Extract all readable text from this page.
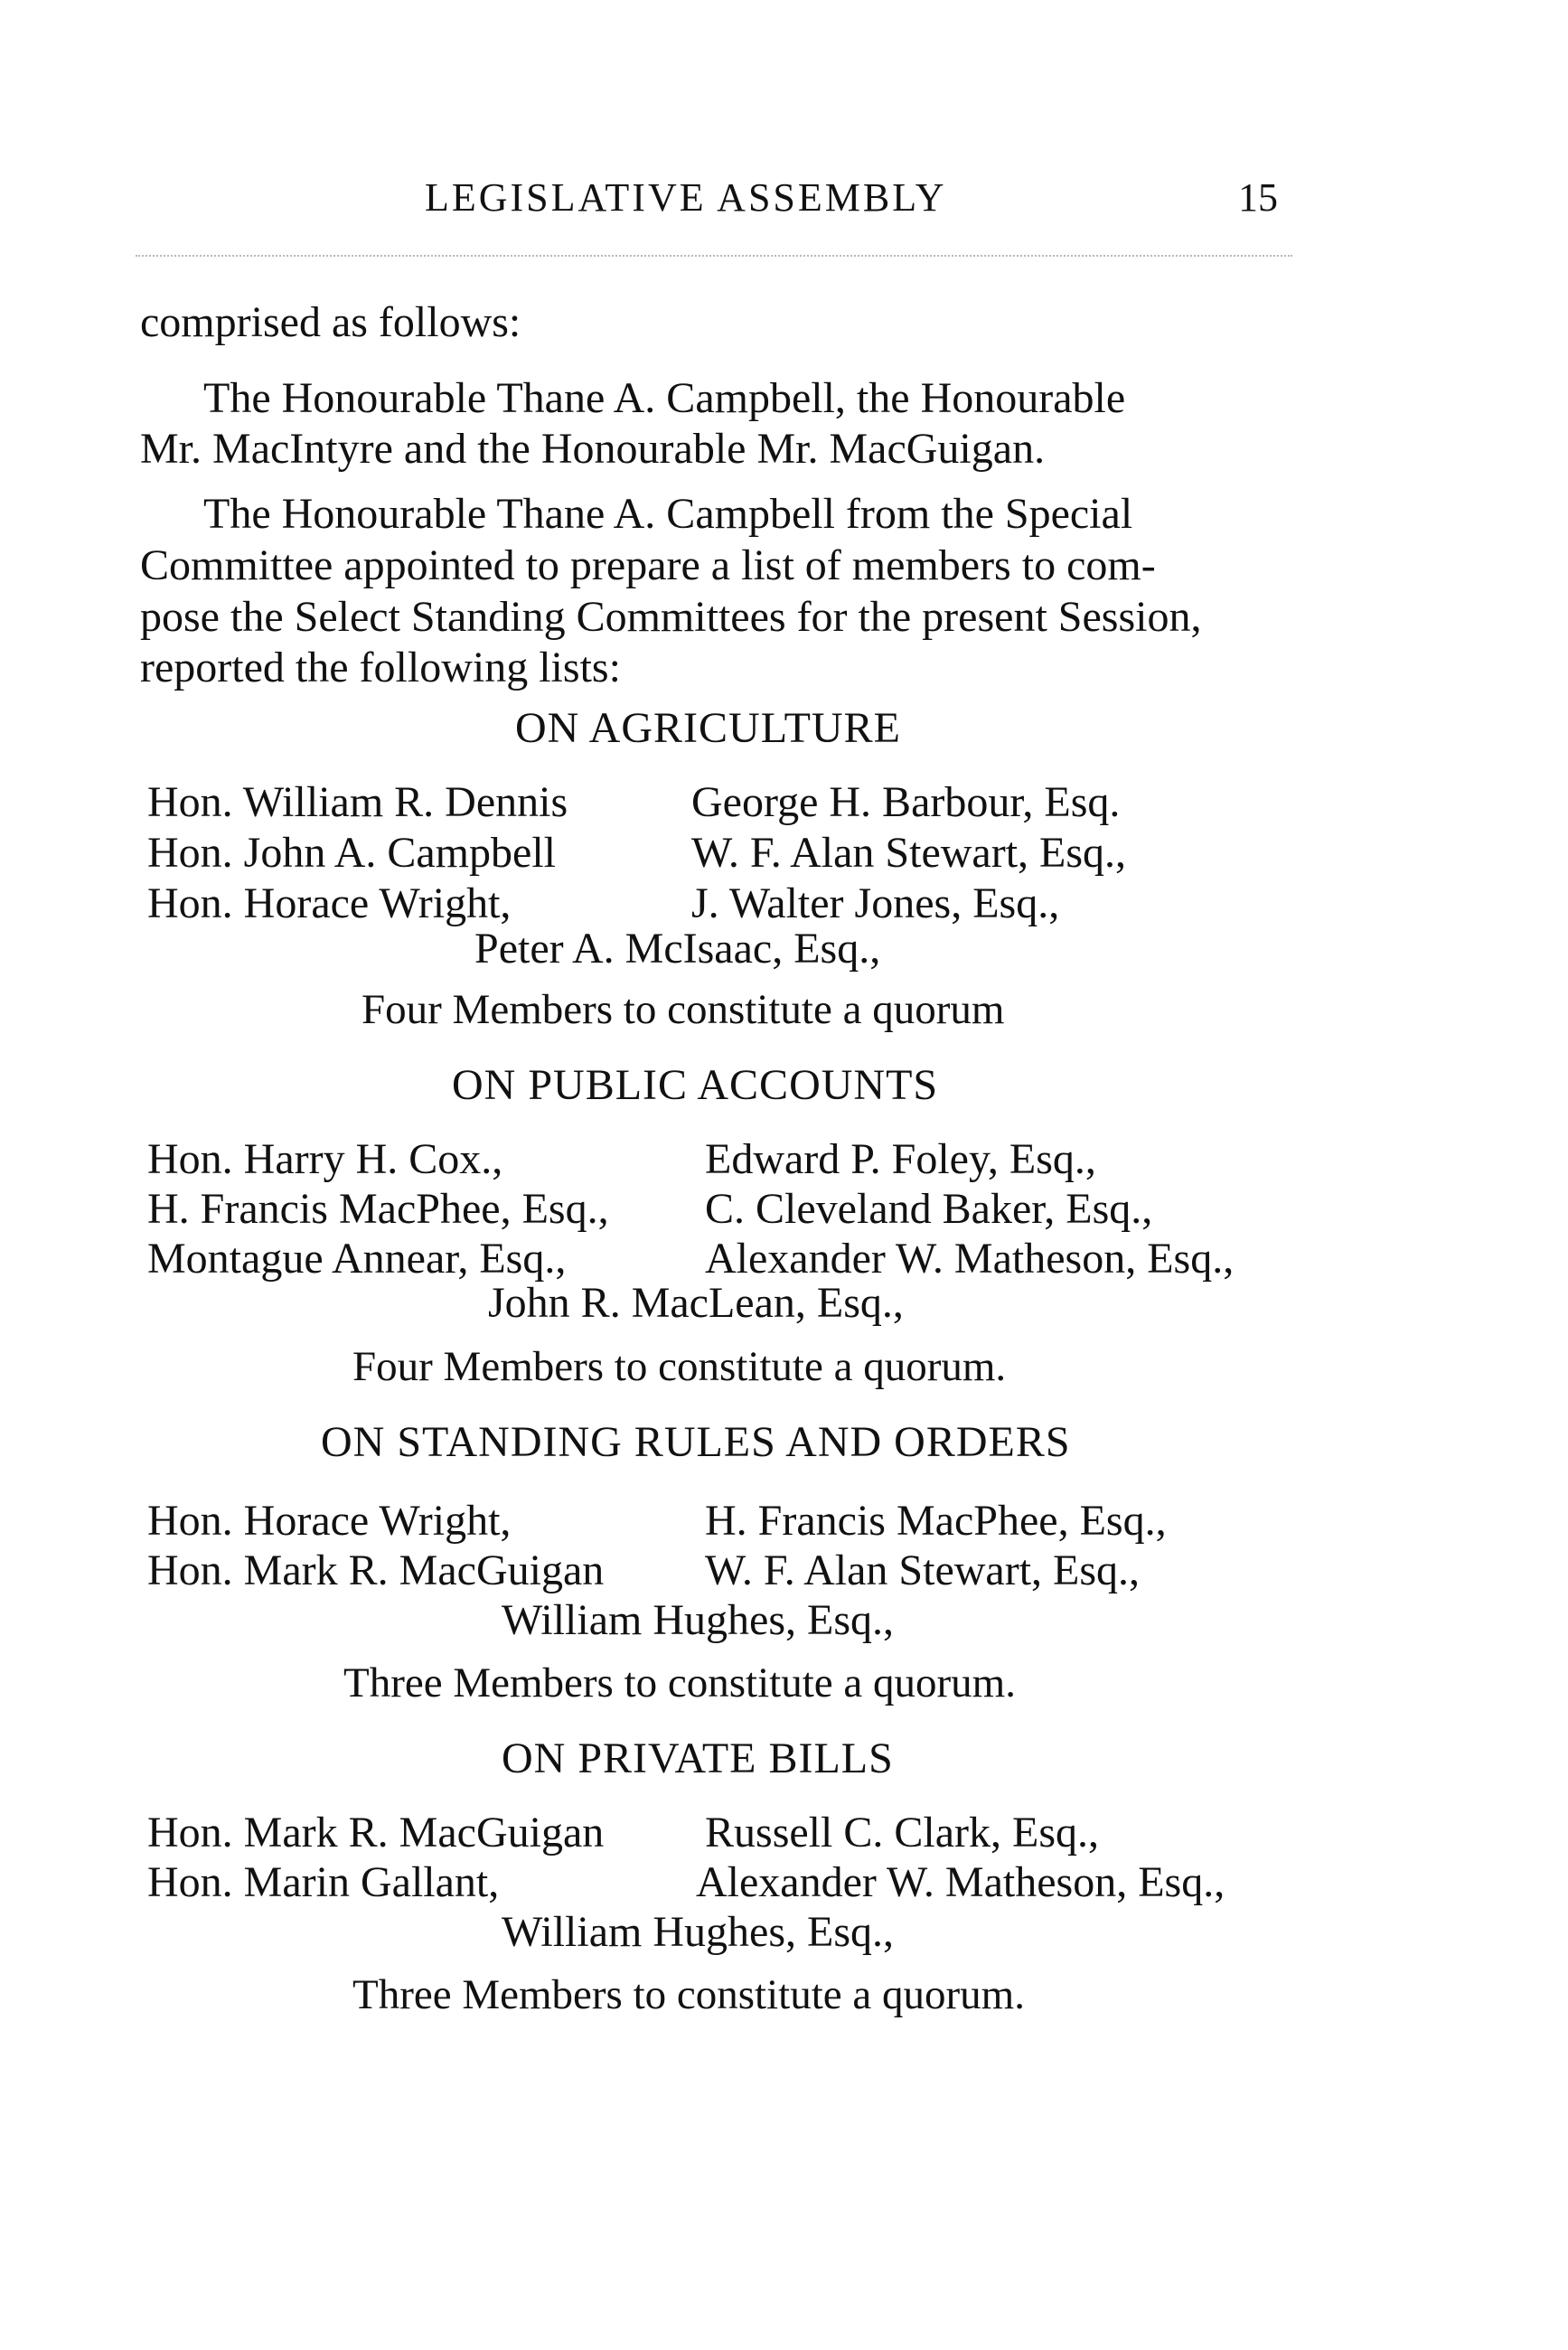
LEGISLATIVE ASSEMBLY	15
comprised as follows:
The Honourable Thane A. Campbell, the Honourable
Mr. MacIntyre and the Honourable Mr. MacGuigan.
The Honourable Thane A. Campbell from the Special
Committee appointed to prepare a list of members to com-
pose the Select Standing Committees for the present Session,
reported the following lists:
ON AGRICULTURE
Hon. William R. Dennis
Hon. John A. Campbell
Hon. Horace Wright,
George H. Barbour, Esq.
W. F. Alan Stewart, Esq.,
J. Walter Jones, Esq.,
Peter A. McIsaac, Esq.,
Four Members to constitute a quorum
ON PUBLIC ACCOUNTS
Hon. Harry H. Cox.,
H. Francis MacPhee, Esq.,
Montague Annear, Esq.,
Edward P. Foley, Esq.,
C. Cleveland Baker, Esq.,
Alexander W. Matheson, Esq.,
John R. MacLean, Esq.,
Four Members to constitute a quorum.
ON STANDING RULES AND ORDERS
Hon. Horace Wright,
Hon. Mark R. MacGuigan
H. Francis MacPhee, Esq.,
W. F. Alan Stewart, Esq.,
William Hughes, Esq.,
Three Members to constitute a quorum.
ON PRIVATE BILLS
Hon. Mark R. MacGuigan
Hon. Marin Gallant,
Russell C. Clark, Esq.,
Alexander W. Matheson, Esq.,
William Hughes, Esq.,
Three Members to constitute a quorum.
